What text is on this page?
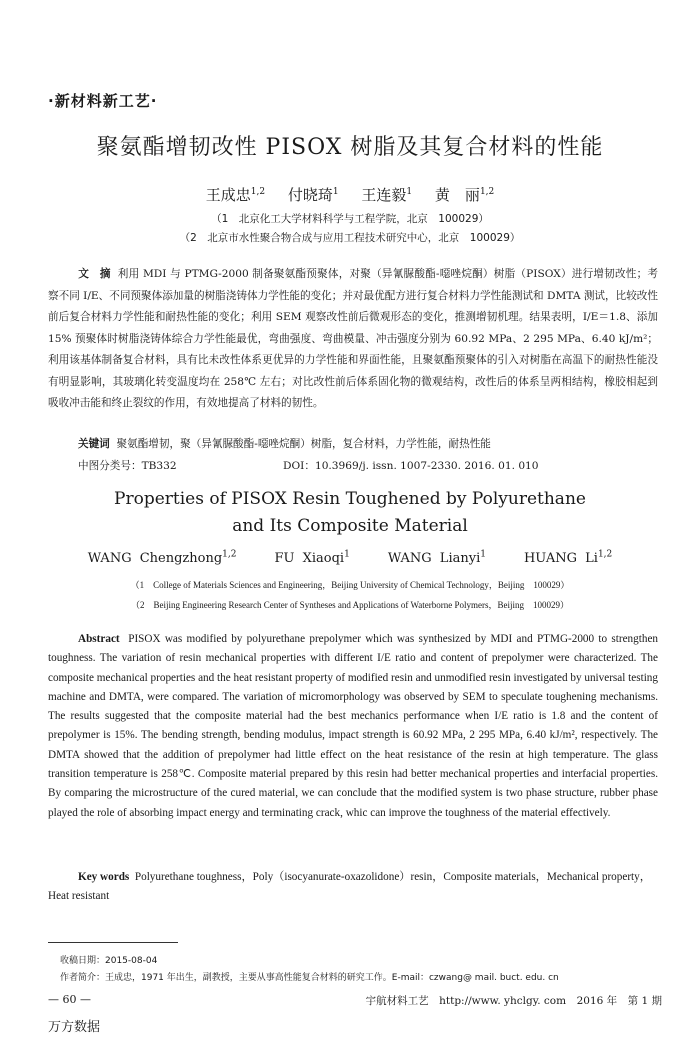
·新材料新工艺·
聚氨酯增韧改性 PISOX 树脂及其复合材料的性能
王成忠$^{1,2}$ 付晓琦$^1$ 王连毅$^1$ 黄　丽$^{1,2}$
（1　北京化工大学材料科学与工程学院，北京　100029）
（2　北京市水性聚合物合成与应用工程技术研究中心，北京　100029）
文　摘 利用 MDI 与 PTMG-2000 制备聚氨酯预聚体，对聚（异氰脲酸酯-噁唑烷酮）树脂（PISOX）进行增韧改性；考察不同 I/E、不同预聚体添加量的树脂浇铸体力学性能的变化；并对最优配方进行复合材料力学性能测试和 DMTA 测试，比较改性前后复合材料力学性能和耐热性能的变化；利用 SEM 观察改性前后微观形态的变化，推测增韧机理。结果表明，I/E＝1.8、添加 15% 预聚体时树脂浇铸体综合力学性能最优，弯曲强度、弯曲模量、冲击强度分别为 60.92 MPa、2 295 MPa、6.40 kJ/m²；利用该基体制备复合材料，具有比未改性体系更优异的力学性能和界面性能，且聚氨酯预聚体的引入对树脂在高温下的耐热性能没有明显影响，其玻璃化转变温度均在 258℃ 左右；对比改性前后体系固化物的微观结构，改性后的体系呈两相结构，橡胶相起到吸收冲击能和终止裂纹的作用，有效地提高了材料的韧性。
关键词 聚氨酯增韧，聚（异氰脲酸酯-噁唑烷酮）树脂，复合材料，力学性能，耐热性能
中图分类号：TB332	DOI：10.3969/j. issn. 1007-2330. 2016. 01. 010
Properties of PISOX Resin Toughened by Polyurethane
and Its Composite Material
WANG Chengzhong$^{1,2}$	FU Xiaoqi$^1$	WANG Lianyi$^1$	HUANG Li$^{1,2}$
（1　College of Materials Sciences and Engineering，Beijing University of Chemical Technology，Beijing　100029）
（2　Beijing Engineering Research Center of Syntheses and Applications of Waterborne Polymers，Beijing　100029）
Abstract PISOX was modified by polyurethane prepolymer which was synthesized by MDI and PTMG-2000 to strengthen toughness. The variation of resin mechanical properties with different I/E ratio and content of prepolymer were characterized. The composite mechanical properties and the heat resistant property of modified resin and unmodified resin investigated by universal testing machine and DMTA, were compared. The variation of micromorphology was observed by SEM to speculate toughening mechanisms. The results suggested that the composite material had the best mechanics performance when I/E ratio is 1.8 and the content of prepolymer is 15%. The bending strength, bending modulus, impact strength is 60.92 MPa, 2 295 MPa, 6.40 kJ/m², respectively. The DMTA showed that the addition of prepolymer had little effect on the heat resistance of the resin at high temperature. The glass transition temperature is 258℃. Composite material prepared by this resin had better mechanical properties and interfacial properties. By comparing the microstructure of the cured material, we can conclude that the modified system is two phase structure, rubber phase played the role of absorbing impact energy and terminating crack, whic can improve the toughness of the material effectively.
Key words Polyurethane toughness，Poly（isocyanurate-oxazolidone）resin，Composite materials，Mechanical property，Heat resistant
收稿日期：2015-08-04
作者简介：王成忠，1971 年出生，副教授，主要从事高性能复合材料的研究工作。E-mail：czwang@ mail. buct. edu. cn
— 60 —	宇航材料工艺　http://www. yhclgy. com　2016 年　第 1 期
万方数据
